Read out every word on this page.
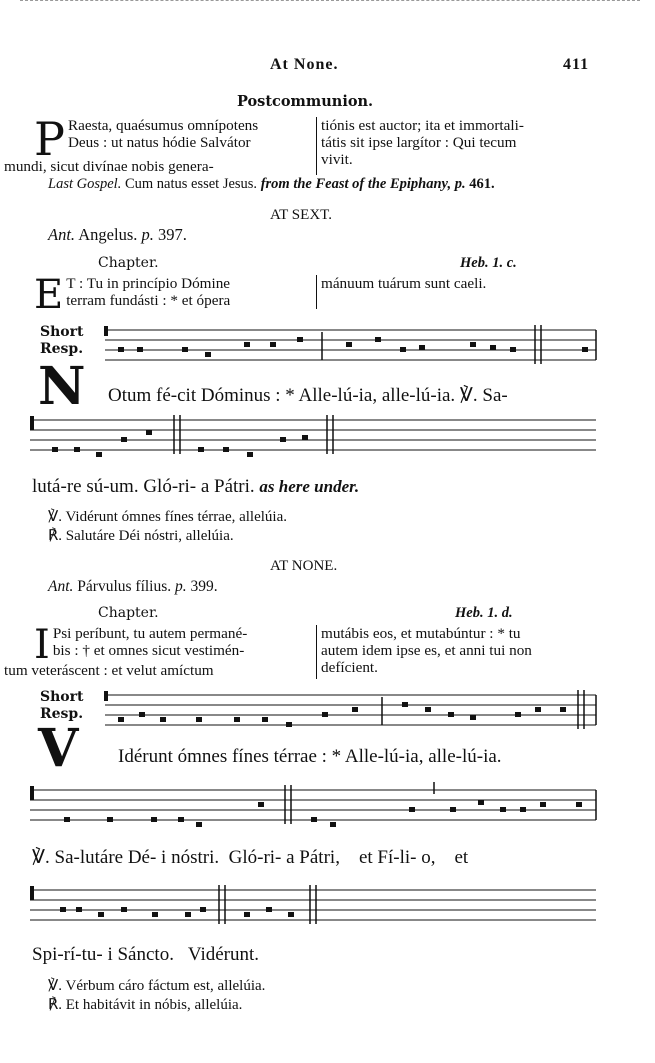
At None.	411
Postcommunion.
P Raesta, quaésumus omnípotens
Deus : ut natus hódie Salvátor
mundi, sicut divínae nobis genera-
tiónis est auctor; ita et immortali-
tátis sit ipse largítor : Qui tecum
vivit.
Last Gospel. Cum natus esset Jesus. from the Feast of the Epiphany, p. 461.
AT SEXT.
Ant. Angelus. p. 397.
Chapter.	Heb. 1. c.
E T : Tu in princípio Dómine
terram fundásti : * et ópera
mánuum tuárum sunt caeli.
Short
Resp.
N Otum fé-cit Dóminus : * Alle-lú-ia, alle-lú-ia. ℣. Sa-
lutá-re sú-um. Gló-ri- a Pátri. as here under.
℣. Vidérunt ómnes fínes térrae, allelúia.
℟. Salutáre Déi nóstri, allelúia.
AT NONE.
Ant. Párvulus fílius. p. 399.
Chapter.	Heb. 1. d.
I Psi períbunt, tu autem permané-
bis : † et omnes sicut vestimén-
tum veteráscent : et velut amíctum
mutábis eos, et mutabúntur : * tu
autem idem ipse es, et anni tui non
defícient.
Short
Resp.
V Idérunt ómnes fínes térrae : * Alle-lú-ia, alle-lú-ia.
℣. Sa-lutáre Dé- i nóstri.  Gló-ri- a Pátri,    et Fí-li- o,    et
Spi-rí-tu- i Sáncto.   Vidérunt.
℣. Vérbum cáro fáctum est, allelúia.
℟. Et habitávit in nóbis, allelúia.
